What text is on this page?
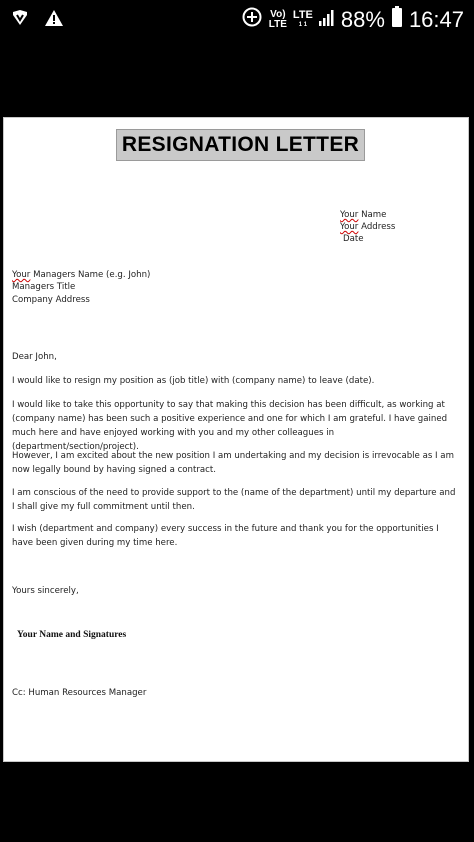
Vo)
LTE
LTE
1 1 88% 16:47
RESIGNATION LETTER
Your Name
Your Address
Date
Your Managers Name (e.g. John)
Managers Title
Company Address
Dear John,
I would like to resign my position as (job title) with (company name) to leave (date).
I would like to take this opportunity to say that making this decision has been difficult, as working at (company name) has been such a positive experience and one for which I am grateful. I have gained much here and have enjoyed working with you and my other colleagues in (department/section/project).
However, I am excited about the new position I am undertaking and my decision is irrevocable as I am now legally bound by having signed a contract.
I am conscious of the need to provide support to the (name of the department) until my departure and I shall give my full commitment until then.
I wish (department and company) every success in the future and thank you for the opportunities I have been given during my time here.
Yours sincerely,
Your Name and Signatures
Cc: Human Resources Manager
